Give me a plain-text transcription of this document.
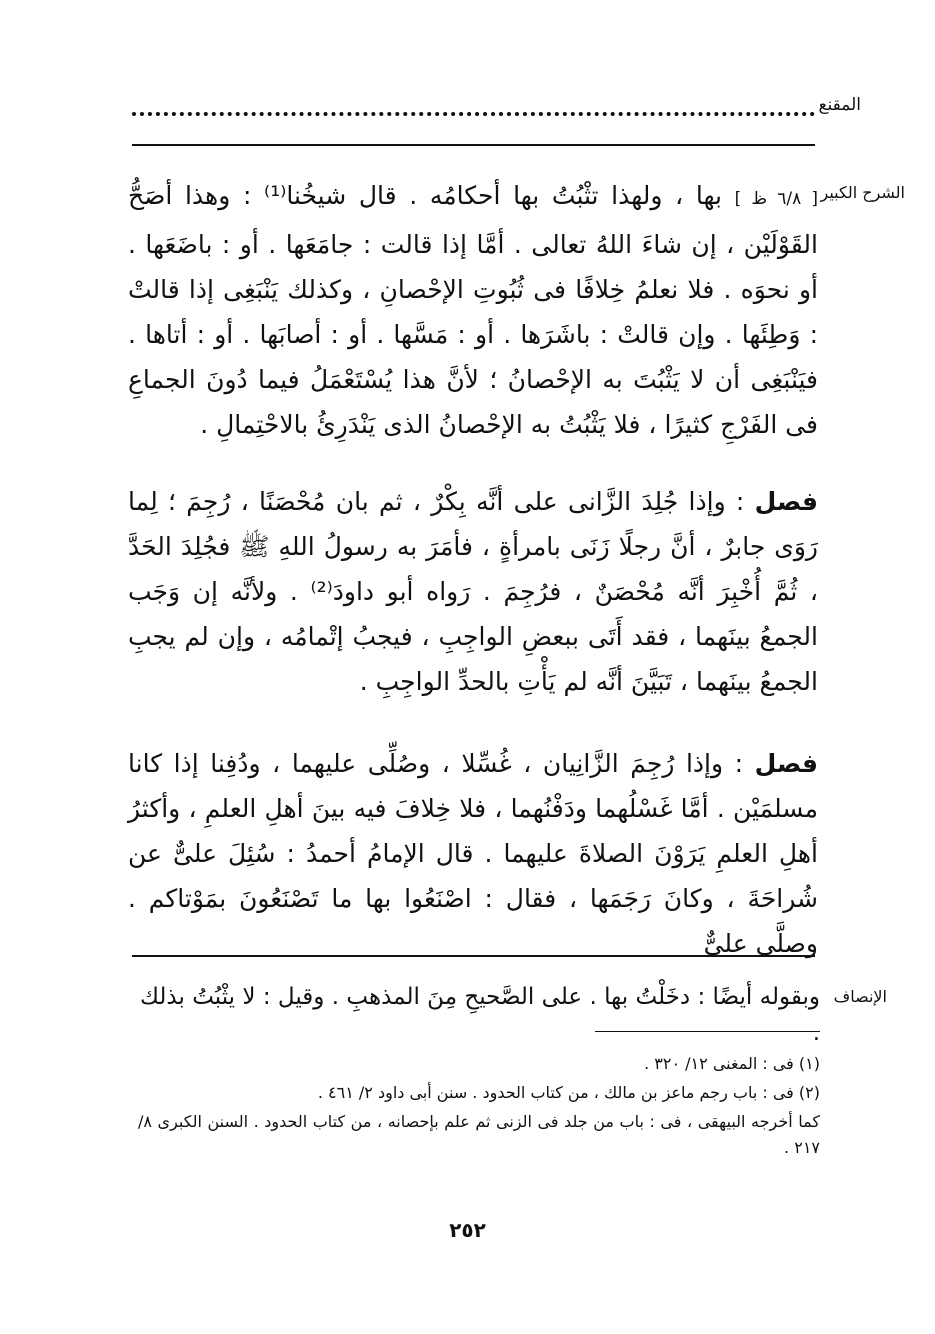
المقنع
الشرح الكبير
[ ٦/٨ ظ ] بها ، ولهذا تثْبُتُ بها أحكامُه . قال شيخُنا⁽¹⁾ : وهذا أصَحُّ القَوْلَيْن ، إن شاءَ اللهُ تعالى . أمَّا إذا قالت : جامَعَها . أو : باضَعَها . أو نحوَه . فلا نعلمُ خِلافًا فى ثُبُوتِ الإحْصانِ ، وكذلك يَنْبَغِى إذا قالتْ : وَطِئَها . وإن قالتْ : باشَرَها . أو : مَسَّها . أو : أصابَها . أو : أتاها . فيَنْبَغِى أن لا يَثْبُتَ به الإحْصانُ ؛ لأنَّ هذا يُسْتَعْمَلُ فيما دُونَ الجماعِ فى الفَرْجِ كثيرًا ، فلا يَثْبُتُ به الإحْصانُ الذى يَنْدَرِئُ بالاحْتِمالِ .
فصل : وإذا جُلِدَ الزَّانى على أنَّه بِكْرٌ ، ثم بان مُحْصَنًا ، رُجِمَ ؛ لِما رَوَى جابرٌ ، أنَّ رجلًا زَنَى بامرأةٍ ، فأمَرَ به رسولُ اللهِ ﷺ فجُلِدَ الحَدَّ ، ثُمَّ أُخْبِرَ أنَّه مُحْصَنٌ ، فرُجِمَ . رَواه أبو داودَ⁽²⁾ . ولأنَّه إن وَجَب الجمعُ بينَهما ، فقد أَتَى ببعضِ الواجِبِ ، فيجبُ إتْمامُه ، وإن لم يجبِ الجمعُ بينَهما ، تَبَيَّنَ أنَّه لم يَأْتِ بالحدِّ الواجِبِ .
فصل : وإذا رُجِمَ الزَّانِيان ، غُسِّلا ، وصُلِّى عليهما ، ودُفِنا إذا كانا مسلمَيْن . أمَّا غَسْلُهما ودَفْنُهما ، فلا خِلافَ فيه بينَ أهلِ العلمِ ، وأكثرُ أهلِ العلمِ يَرَوْنَ الصلاةَ عليهما . قال الإمامُ أحمدُ : سُئِلَ علىٌّ عن شُراحَةَ ، وكانَ رَجَمَها ، فقال : اصْنَعُوا بها ما تَصْنَعُونَ بمَوْتاكم . وصلَّى علىٌّ
الإنصاف
وبقوله أيضًا : دخَلْتُ بها . على الصَّحيحِ مِنَ المذهبِ . وقيل : لا يثْبُتُ بذلك .
(١) فى : المغنى ١٢/ ٣٢٠ .
(٢) فى : باب رجم ماعز بن مالك ، من كتاب الحدود . سنن أبى داود ٢/ ٤٦١ .
كما أخرجه البيهقى ، فى : باب من جلد فى الزنى ثم علم بإحصانه ، من كتاب الحدود . السنن الكبرى ٨/ ٢١٧ .
٢٥٢
